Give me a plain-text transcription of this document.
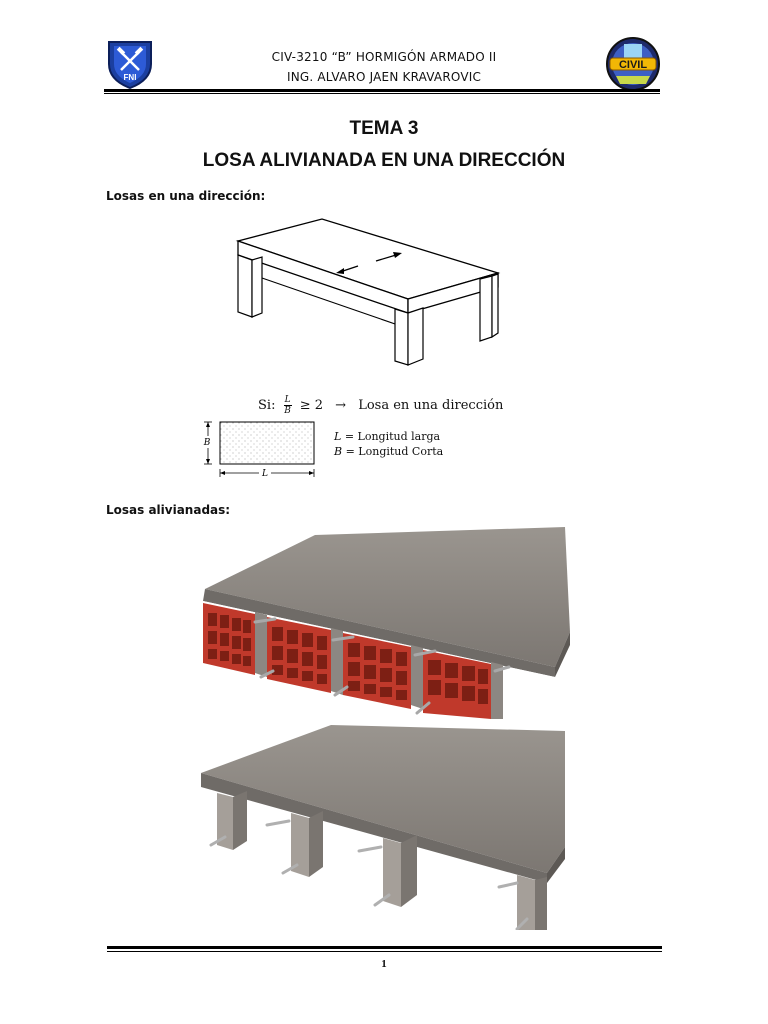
FNI
CIV-3210 “B” HORMIGÓN ARMADO II
ING. ALVARO JAEN KRAVAROVIC
CIVIL
TEMA 3
LOSA ALIVIANADA EN UNA DIRECCIÓN
Losas en una dirección:
Si: $\frac{L}{B} \ge 2$ → Losa en una dirección
B
L
L = Longitud larga
B = Longitud Corta
Losas alivianadas:
1
